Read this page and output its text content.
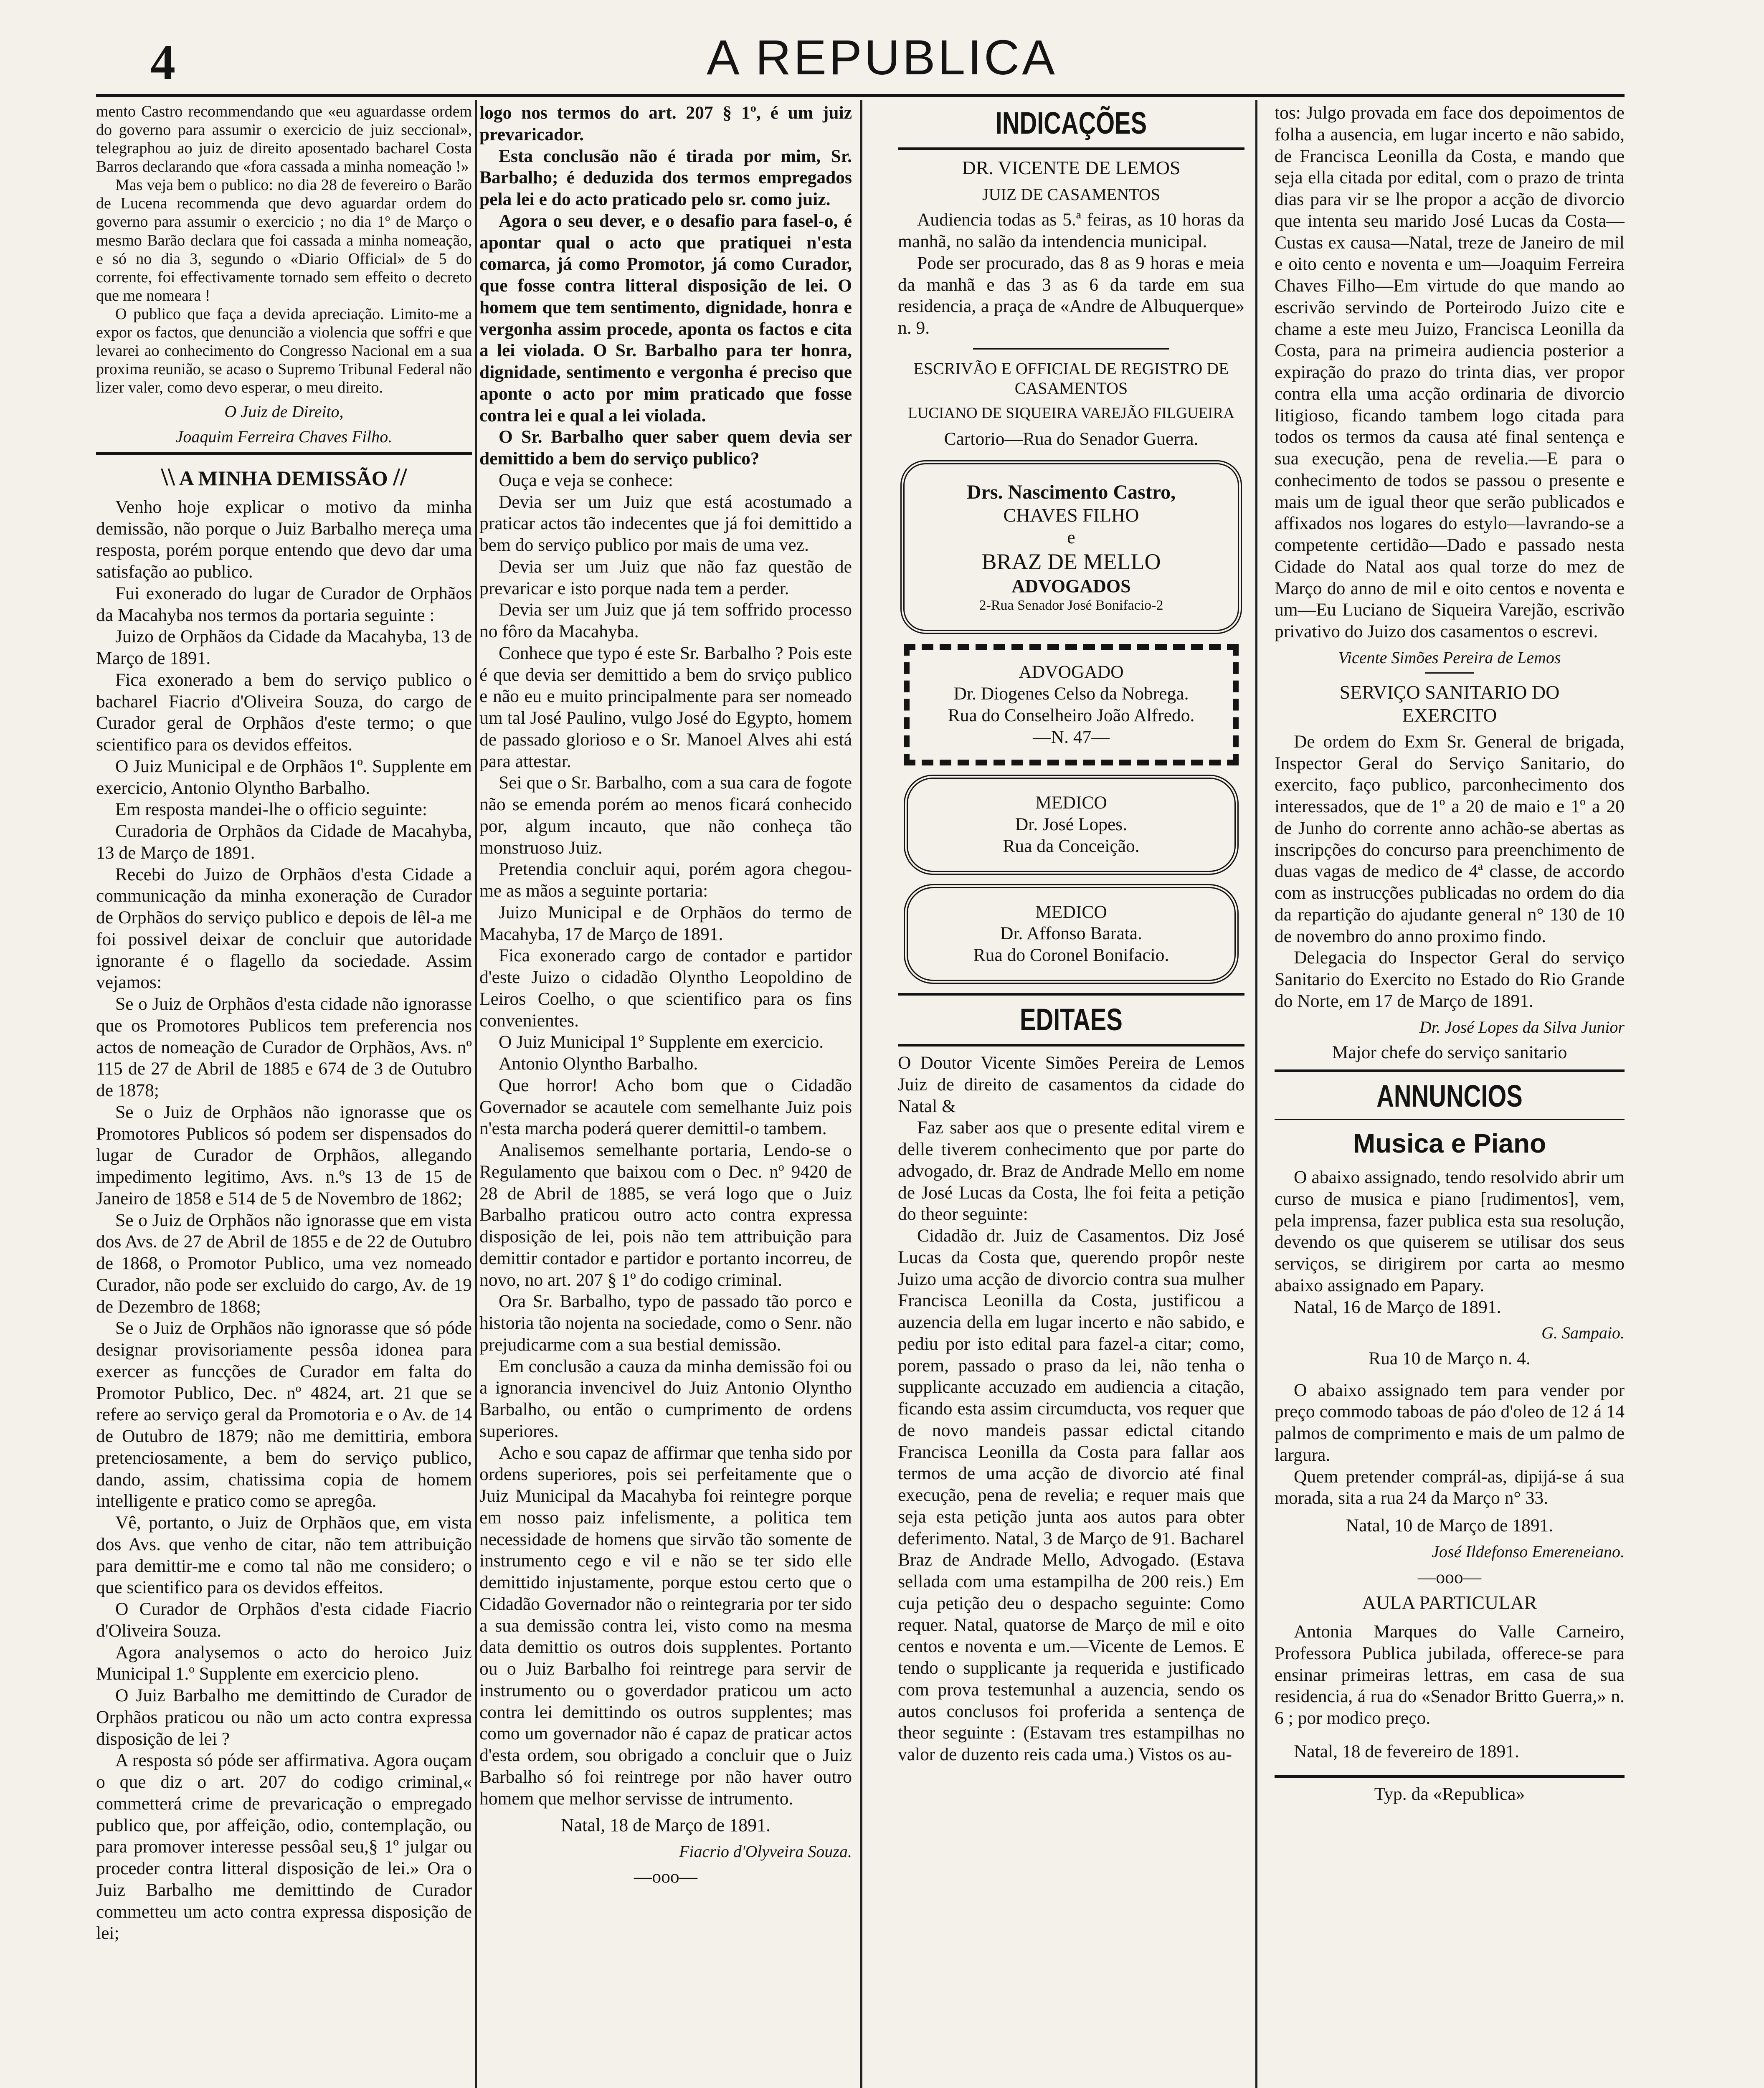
4	A REPUBLICA

mento Castro recommendando que «eu aguardasse ordem do governo para assumir o exercicio de juiz seccional», telegraphou ao juiz de direito aposentado bacharel Costa Barros declarando que «fora cassada a minha nomeação !»

Mas veja bem o publico: no dia 28 de fevereiro o Barão de Lucena recommenda que devo aguardar ordem do governo para assumir o exercicio ; no dia 1º de Março o mesmo Barão declara que foi cassada a minha nomeação, e só no dia 3, segundo o «Diario Official» de 5 do corrente, foi effectivamente tornado sem effeito o decreto que me nomeara !

O publico que faça a devida apreciação. Limito-me a expor os factos, que denuncião a violencia que soffri e que levarei ao conhecimento do Congresso Nacional em a sua proxima reunião, se acaso o Supremo Tribunal Federal não lizer valer, como devo esperar, o meu direito.

O Juiz de Direito,

Joaquim Ferreira Chaves Filho.

\\ A MINHA DEMISSÃO //

Venho hoje explicar o motivo da minha demissão, não porque o Juiz Barbalho mereça uma resposta, porém porque entendo que devo dar uma satisfação ao publico.

Fui exonerado do lugar de Curador de Orphãos da Macahyba nos termos da portaria seguinte :

Juizo de Orphãos da Cidade da Macahyba, 13 de Março de 1891.

Fica exonerado a bem do serviço publico o bacharel Fiacrio d'Oliveira Souza, do cargo de Curador geral de Orphãos d'este termo; o que scientifico para os devidos effeitos.

O Juiz Municipal e de Orphãos 1º. Supplente em exercicio, Antonio Olyntho Barbalho.

Em resposta mandei-lhe o officio seguinte:

Curadoria de Orphãos da Cidade de Macahyba, 13 de Março de 1891.

Recebi do Juizo de Orphãos d'esta Cidade a communicação da minha exoneração de Curador de Orphãos do serviço publico e depois de lêl-a me foi possivel deixar de concluir que autoridade ignorante é o flagello da sociedade. Assim vejamos:

Se o Juiz de Orphãos d'esta cidade não ignorasse que os Promotores Publicos tem preferencia nos actos de nomeação de Curador de Orphãos, Avs. nº 115 de 27 de Abril de 1885 e 674 de 3 de Outubro de 1878;

Se o Juiz de Orphãos não ignorasse que os Promotores Publicos só podem ser dispensados do lugar de Curador de Orphãos, allegando impedimento legitimo, Avs. n.ºs 13 de 15 de Janeiro de 1858 e 514 de 5 de Novembro de 1862;

Se o Juiz de Orphãos não ignorasse que em vista dos Avs. de 27 de Abril de 1855 e de 22 de Outubro de 1868, o Promotor Publico, uma vez nomeado Curador, não pode ser excluido do cargo, Av. de 19 de Dezembro de 1868;

Se o Juiz de Orphãos não ignorasse que só póde designar provisoriamente pessôa idonea para exercer as funcções de Curador em falta do Promotor Publico, Dec. nº 4824, art. 21 que se refere ao serviço geral da Promotoria e o Av. de 14 de Outubro de 1879; não me demittiria, embora pretenciosamente, a bem do serviço publico, dando, assim, chatissima copia de homem intelligente e pratico como se apregôa.

Vê, portanto, o Juiz de Orphãos que, em vista dos Avs. que venho de citar, não tem attribuição para demittir-me e como tal não me considero; o que scientifico para os devidos effeitos.

O Curador de Orphãos d'esta cidade Fiacrio d'Oliveira Souza.

Agora analysemos o acto do heroico Juiz Municipal 1.º Supplente em exercicio pleno.

O Juiz Barbalho me demittindo de Curador de Orphãos praticou ou não um acto contra expressa disposição de lei ?

A resposta só póde ser affirmativa. Agora ouçam o que diz o art. 207 do codigo criminal,« commetterá crime de prevaricação o empregado publico que, por affeição, odio, contemplação, ou para promover interesse pessôal seu,§ 1º julgar ou proceder contra litteral disposição de lei.» Ora o Juiz Barbalho me demittindo de Curador commetteu um acto contra expressa disposição de lei;

logo nos termos do art. 207 § 1º, é um juiz prevaricador.

Esta conclusão não é tirada por mim, Sr. Barbalho; é deduzida dos termos empregados pela lei e do acto praticado pelo sr. como juiz.

Agora o seu dever, e o desafio para fasel-o, é apontar qual o acto que pratiquei n'esta comarca, já como Promotor, já como Curador, que fosse contra litteral disposição de lei. O homem que tem sentimento, dignidade, honra e vergonha assim procede, aponta os factos e cita a lei violada. O Sr. Barbalho para ter honra, dignidade, sentimento e vergonha é preciso que aponte o acto por mim praticado que fosse contra lei e qual a lei violada.

O Sr. Barbalho quer saber quem devia ser demittido a bem do serviço publico?

Ouça e veja se conhece:

Devia ser um Juiz que está acostumado a praticar actos tão indecentes que já foi demittido a bem do serviço publico por mais de uma vez.

Devia ser um Juiz que não faz questão de prevaricar e isto porque nada tem a perder.

Devia ser um Juiz que já tem soffrido processo no fôro da Macahyba.

Conhece que typo é este Sr. Barbalho ? Pois este é que devia ser demittido a bem do srviço publico e não eu e muito principalmente para ser nomeado um tal José Paulino, vulgo José do Egypto, homem de passado glorioso e o Sr. Manoel Alves ahi está para attestar.

Sei que o Sr. Barbalho, com a sua cara de fogote não se emenda porém ao menos ficará conhecido por, algum incauto, que não conheça tão monstruoso Juiz.

Pretendia concluir aqui, porém agora chegou-me as mãos a seguinte portaria:

Juizo Municipal e de Orphãos do termo de Macahyba, 17 de Março de 1891.

Fica exonerado cargo de contador e partidor d'este Juizo o cidadão Olyntho Leopoldino de Leiros Coelho, o que scientifico para os fins convenientes.

O Juiz Municipal 1º Supplente em exercicio.

Antonio Olyntho Barbalho.

Que horror! Acho bom que o Cidadão Governador se acautele com semelhante Juiz pois n'esta marcha poderá querer demittil-o tambem.

Analisemos semelhante portaria, Lendo-se o Regulamento que baixou com o Dec. nº 9420 de 28 de Abril de 1885, se verá logo que o Juiz Barbalho praticou outro acto contra expressa disposição de lei, pois não tem attribuição para demittir contador e partidor e portanto incorreu, de novo, no art. 207 § 1º do codigo criminal.

Ora Sr. Barbalho, typo de passado tão porco e historia tão nojenta na sociedade, como o Senr. não prejudicarme com a sua bestial demissão.

Em conclusão a cauza da minha demissão foi ou a ignorancia invencivel do Juiz Antonio Olyntho Barbalho, ou então o cumprimento de ordens superiores.

Acho e sou capaz de affirmar que tenha sido por ordens superiores, pois sei perfeitamente que o Juiz Municipal da Macahyba foi reintegre porque em nosso paiz infelismente, a politica tem necessidade de homens que sirvão tão somente de instrumento cego e vil e não se ter sido elle demittido injustamente, porque estou certo que o Cidadão Governador não o reintegraria por ter sido a sua demissão contra lei, visto como na mesma data demittio os outros dois supplentes. Portanto ou o Juiz Barbalho foi reintrege para servir de instrumento ou o goverdador praticou um acto contra lei demittindo os outros supplentes; mas como um governador não é capaz de praticar actos d'esta ordem, sou obrigado a concluir que o Juiz Barbalho só foi reintrege por não haver outro homem que melhor servisse de intrumento.

Natal, 18 de Março de 1891.

Fiacrio d'Olyveira Souza.

—ooo—

INDICAÇÕES

DR. VICENTE DE LEMOS

JUIZ DE CASAMENTOS

Audiencia todas as 5.ª feiras, as 10 horas da manhã, no salão da intendencia municipal.

Pode ser procurado, das 8 as 9 horas e meia da manhã e das 3 as 6 da tarde em sua residencia, a praça de «Andre de Albuquerque» n. 9.

ESCRIVÃO E OFFICIAL DE REGISTRO DE CASAMENTOS

LUCIANO DE SIQUEIRA VAREJÃO FILGUEIRA

Cartorio—Rua do Senador Guerra.

Drs. Nascimento Castro,

CHAVES FILHO

e

BRAZ DE MELLO

ADVOGADOS

2-Rua Senador José Bonifacio-2

ADVOGADO

Dr. Diogenes Celso da Nobrega.

Rua do Conselheiro João Alfredo.

—N. 47—

MEDICO

Dr. José Lopes.

Rua da Conceição.

MEDICO

Dr. Affonso Barata.

Rua do Coronel Bonifacio.

EDITAES

O Doutor Vicente Simões Pereira de Lemos Juiz de direito de casamentos da cidade do Natal &

Faz saber aos que o presente edital virem e delle tiverem conhecimento que por parte do advogado, dr. Braz de Andrade Mello em nome de José Lucas da Costa, lhe foi feita a petição do theor seguinte:

Cidadão dr. Juiz de Casamentos. Diz José Lucas da Costa que, querendo propôr neste Juizo uma acção de divorcio contra sua mulher Francisca Leonilla da Costa, justificou a auzencia della em lugar incerto e não sabido, e pediu por isto edital para fazel-a citar; como, porem, passado o praso da lei, não tenha o supplicante accuzado em audiencia a citação, ficando esta assim circumducta, vos requer que de novo mandeis passar edictal citando Francisca Leonilla da Costa para fallar aos termos de uma acção de divorcio até final execução, pena de revelia; e requer mais que seja esta petição junta aos autos para obter deferimento. Natal, 3 de Março de 91. Bacharel Braz de Andrade Mello, Advogado. (Estava sellada com uma estampilha de 200 reis.) Em cuja petição deu o despacho seguinte: Como requer. Natal, quatorse de Março de mil e oito centos e noventa e um.—Vicente de Lemos. E tendo o supplicante ja requerida e justificado com prova testemunhal a auzencia, sendo os autos conclusos foi proferida a sentença de theor seguinte : (Estavam tres estampilhas no valor de duzento reis cada uma.) Vistos os au-

tos: Julgo provada em face dos depoimentos de folha a ausencia, em lugar incerto e não sabido, de Francisca Leonilla da Costa, e mando que seja ella citada por edital, com o prazo de trinta dias para vir se lhe propor a acção de divorcio que intenta seu marido José Lucas da Costa—Custas ex causa—Natal, treze de Janeiro de mil e oito cento e noventa e um—Joaquim Ferreira Chaves Filho—Em virtude do que mando ao escrivão servindo de Porteirodo Juizo cite e chame a este meu Juizo, Francisca Leonilla da Costa, para na primeira audiencia posterior a expiração do prazo do trinta dias, ver propor contra ella uma acção ordinaria de divorcio litigioso, ficando tambem logo citada para todos os termos da causa até final sentença e sua execução, pena de revelia.—E para o conhecimento de todos se passou o presente e mais um de igual theor que serão publicados e affixados nos logares do estylo—lavrando-se a competente certidão—Dado e passado nesta Cidade do Natal aos qual torze do mez de Março do anno de mil e oito centos e noventa e um—Eu Luciano de Siqueira Varejão, escrivão privativo do Juizo dos casamentos o escrevi.

Vicente Simões Pereira de Lemos

SERVIÇO SANITARIO DO EXERCITO

De ordem do Exm Sr. General de brigada, Inspector Geral do Serviço Sanitario, do exercito, faço publico, parconhecimento dos interessados, que de 1º a 20 de maio e 1º a 20 de Junho do corrente anno achão-se abertas as inscripções do concurso para preenchimento de duas vagas de medico de 4ª classe, de accordo com as instrucções publicadas no ordem do dia da repartição do ajudante general n° 130 de 10 de novembro do anno proximo findo.

Delegacia do Inspector Geral do serviço Sanitario do Exercito no Estado do Rio Grande do Norte, em 17 de Março de 1891.

Dr. José Lopes da Silva Junior

Major chefe do serviço sanitario

ANNUNCIOS

Musica e Piano

O abaixo assignado, tendo resolvido abrir um curso de musica e piano [rudimentos], vem, pela imprensa, fazer publica esta sua resolução, devendo os que quiserem se utilisar dos seus serviços, se dirigirem por carta ao mesmo abaixo assignado em Papary.

Natal, 16 de Março de 1891.

G. Sampaio.

Rua 10 de Março n. 4.

O abaixo assignado tem para vender por preço commodo taboas de páo d'oleo de 12 á 14 palmos de comprimento e mais de um palmo de largura.

Quem pretender comprál-as, dipijá-se á sua morada, sita a rua 24 da Março n° 33.

Natal, 10 de Março de 1891.

José Ildefonso Emereneiano.

—ooo—

AULA PARTICULAR

Antonia Marques do Valle Carneiro, Professora Publica jubilada, offerece-se para ensinar primeiras lettras, em casa de sua residencia, á rua do «Senador Britto Guerra,» n. 6 ; por modico preço.

Natal, 18 de fevereiro de 1891.

Typ. da «Republica»
